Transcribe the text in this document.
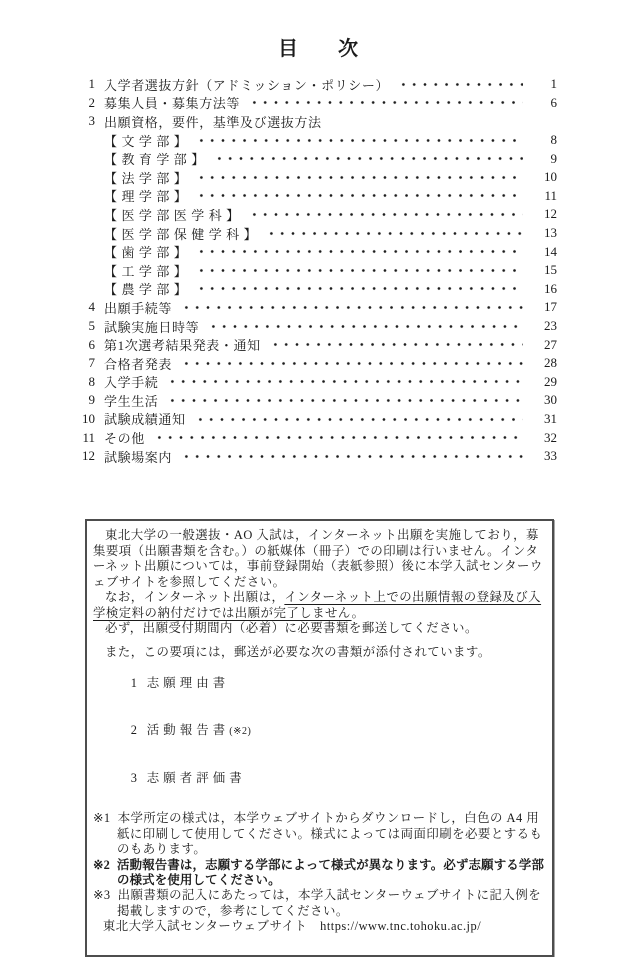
目　　次
1 入学者選抜方針（アドミッション・ポリシー）	1
2 募集人員・募集方法等	6
3 出願資格，要件，基準及び選抜方法
【 文 学 部 】	8
【 教 育 学 部 】	9
【 法 学 部 】	10
【 理 学 部 】	11
【 医 学 部 医 学 科 】	12
【 医 学 部 保 健 学 科 】	13
【 歯 学 部 】	14
【 工 学 部 】	15
【 農 学 部 】	16
4 出願手続等	17
5 試験実施日時等	23
6 第1次選考結果発表・通知	27
7 合格者発表	28
8 入学手続	29
9 学生生活	30
10 試験成績通知	31
11 その他	32
12 試験場案内	33

東北大学の一般選抜・AO 入試は，インターネット出願を実施しており，募集要項（出願書類を含む。）の紙媒体（冊子）での印刷は行いません。インターネット出願については，事前登録開始（表紙参照）後に本学入試センターウェブサイトを参照してください。

なお，インターネット出願は，インターネット上での出願情報の登録及び入学検定料の納付だけでは出願が完了しません。

必ず，出願受付期間内（必着）に必要書類を郵送してください。

また，この要項には，郵送が必要な次の書類が添付されています。

1 志 願 理 由 書

2 活 動 報 告 書 (※2)

3 志 願 者 評 価 書

※1 本学所定の様式は，本学ウェブサイトからダウンロードし，白色の A4 用紙に印刷して使用してください。様式によっては両面印刷を必要とするものもあります。
※2 活動報告書は，志願する学部によって様式が異なります。必ず志願する学部の様式を使用してください。
※3 出願書類の記入にあたっては，本学入試センターウェブサイトに記入例を掲載しますので，参考にしてください。

東北大学入試センターウェブサイト　 https://www.tnc.tohoku.ac.jp/
